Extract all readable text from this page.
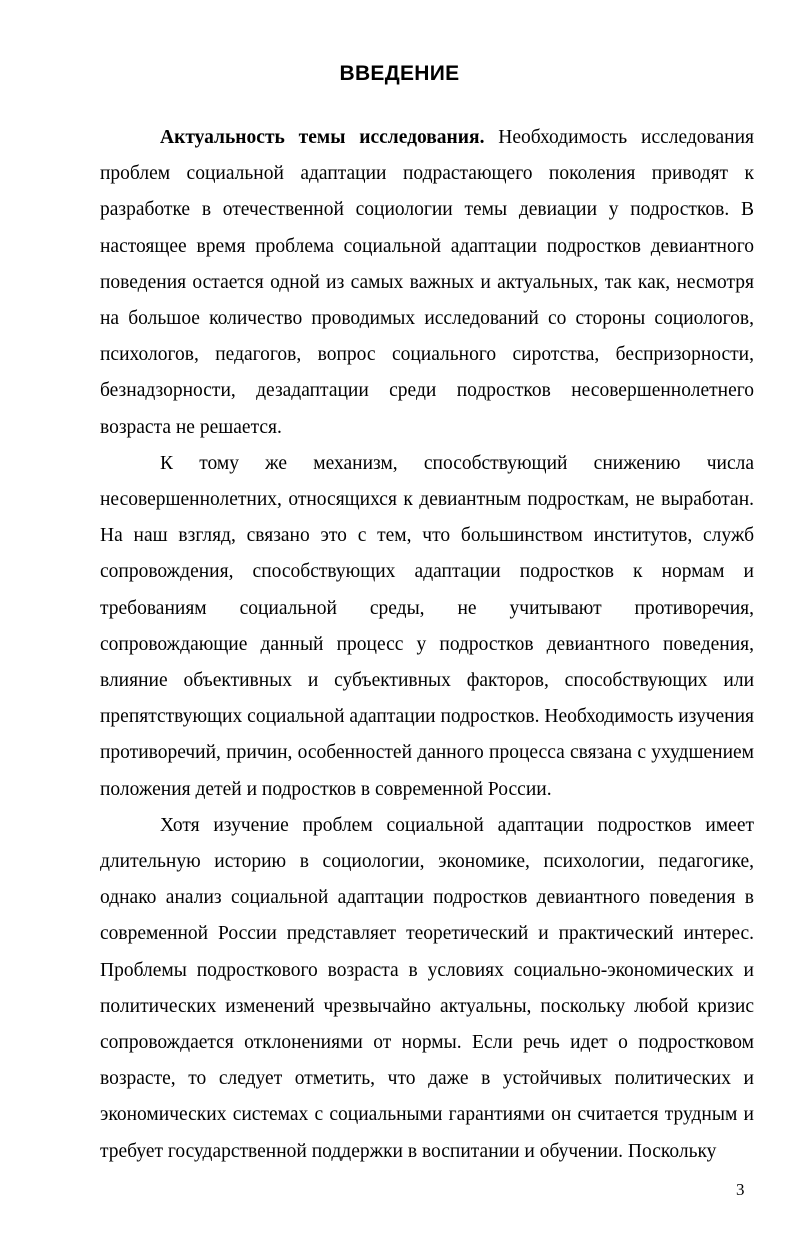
ВВЕДЕНИЕ

Актуальность темы исследования. Необходимость исследования проблем социальной адаптации подрастающего поколения приводят к разработке в отечественной социологии темы девиации у подростков. В настоящее время проблема социальной адаптации подростков девиантного поведения остается одной из самых важных и актуальных, так как, несмотря на большое количество проводимых исследований со стороны социологов, психологов, педагогов, вопрос социального сиротства, беспризорности, безнадзорности, дезадаптации среди подростков несовершеннолетнего возраста не решается.

К тому же механизм, способствующий снижению числа несовершеннолетних, относящихся к девиантным подросткам, не выработан. На наш взгляд, связано это с тем, что большинством институтов, служб сопровождения, способствующих адаптации подростков к нормам и требованиям социальной среды, не учитывают противоречия, сопровождающие данный процесс у подростков девиантного поведения, влияние объективных и субъективных факторов, способствующих или препятствующих социальной адаптации подростков. Необходимость изучения противоречий, причин, особенностей данного процесса связана с ухудшением положения детей и подростков в современной России.

Хотя изучение проблем социальной адаптации подростков имеет длительную историю в социологии, экономике, психологии, педагогике, однако анализ социальной адаптации подростков девиантного поведения в современной России представляет теоретический и практический интерес. Проблемы подросткового возраста в условиях социально-экономических и политических изменений чрезвычайно актуальны, поскольку любой кризис сопровождается отклонениями от нормы. Если речь идет о подростковом возрасте, то следует отметить, что даже в устойчивых политических и экономических системах с социальными гарантиями он считается трудным и требует государственной поддержки в воспитании и обучении. Поскольку

3
